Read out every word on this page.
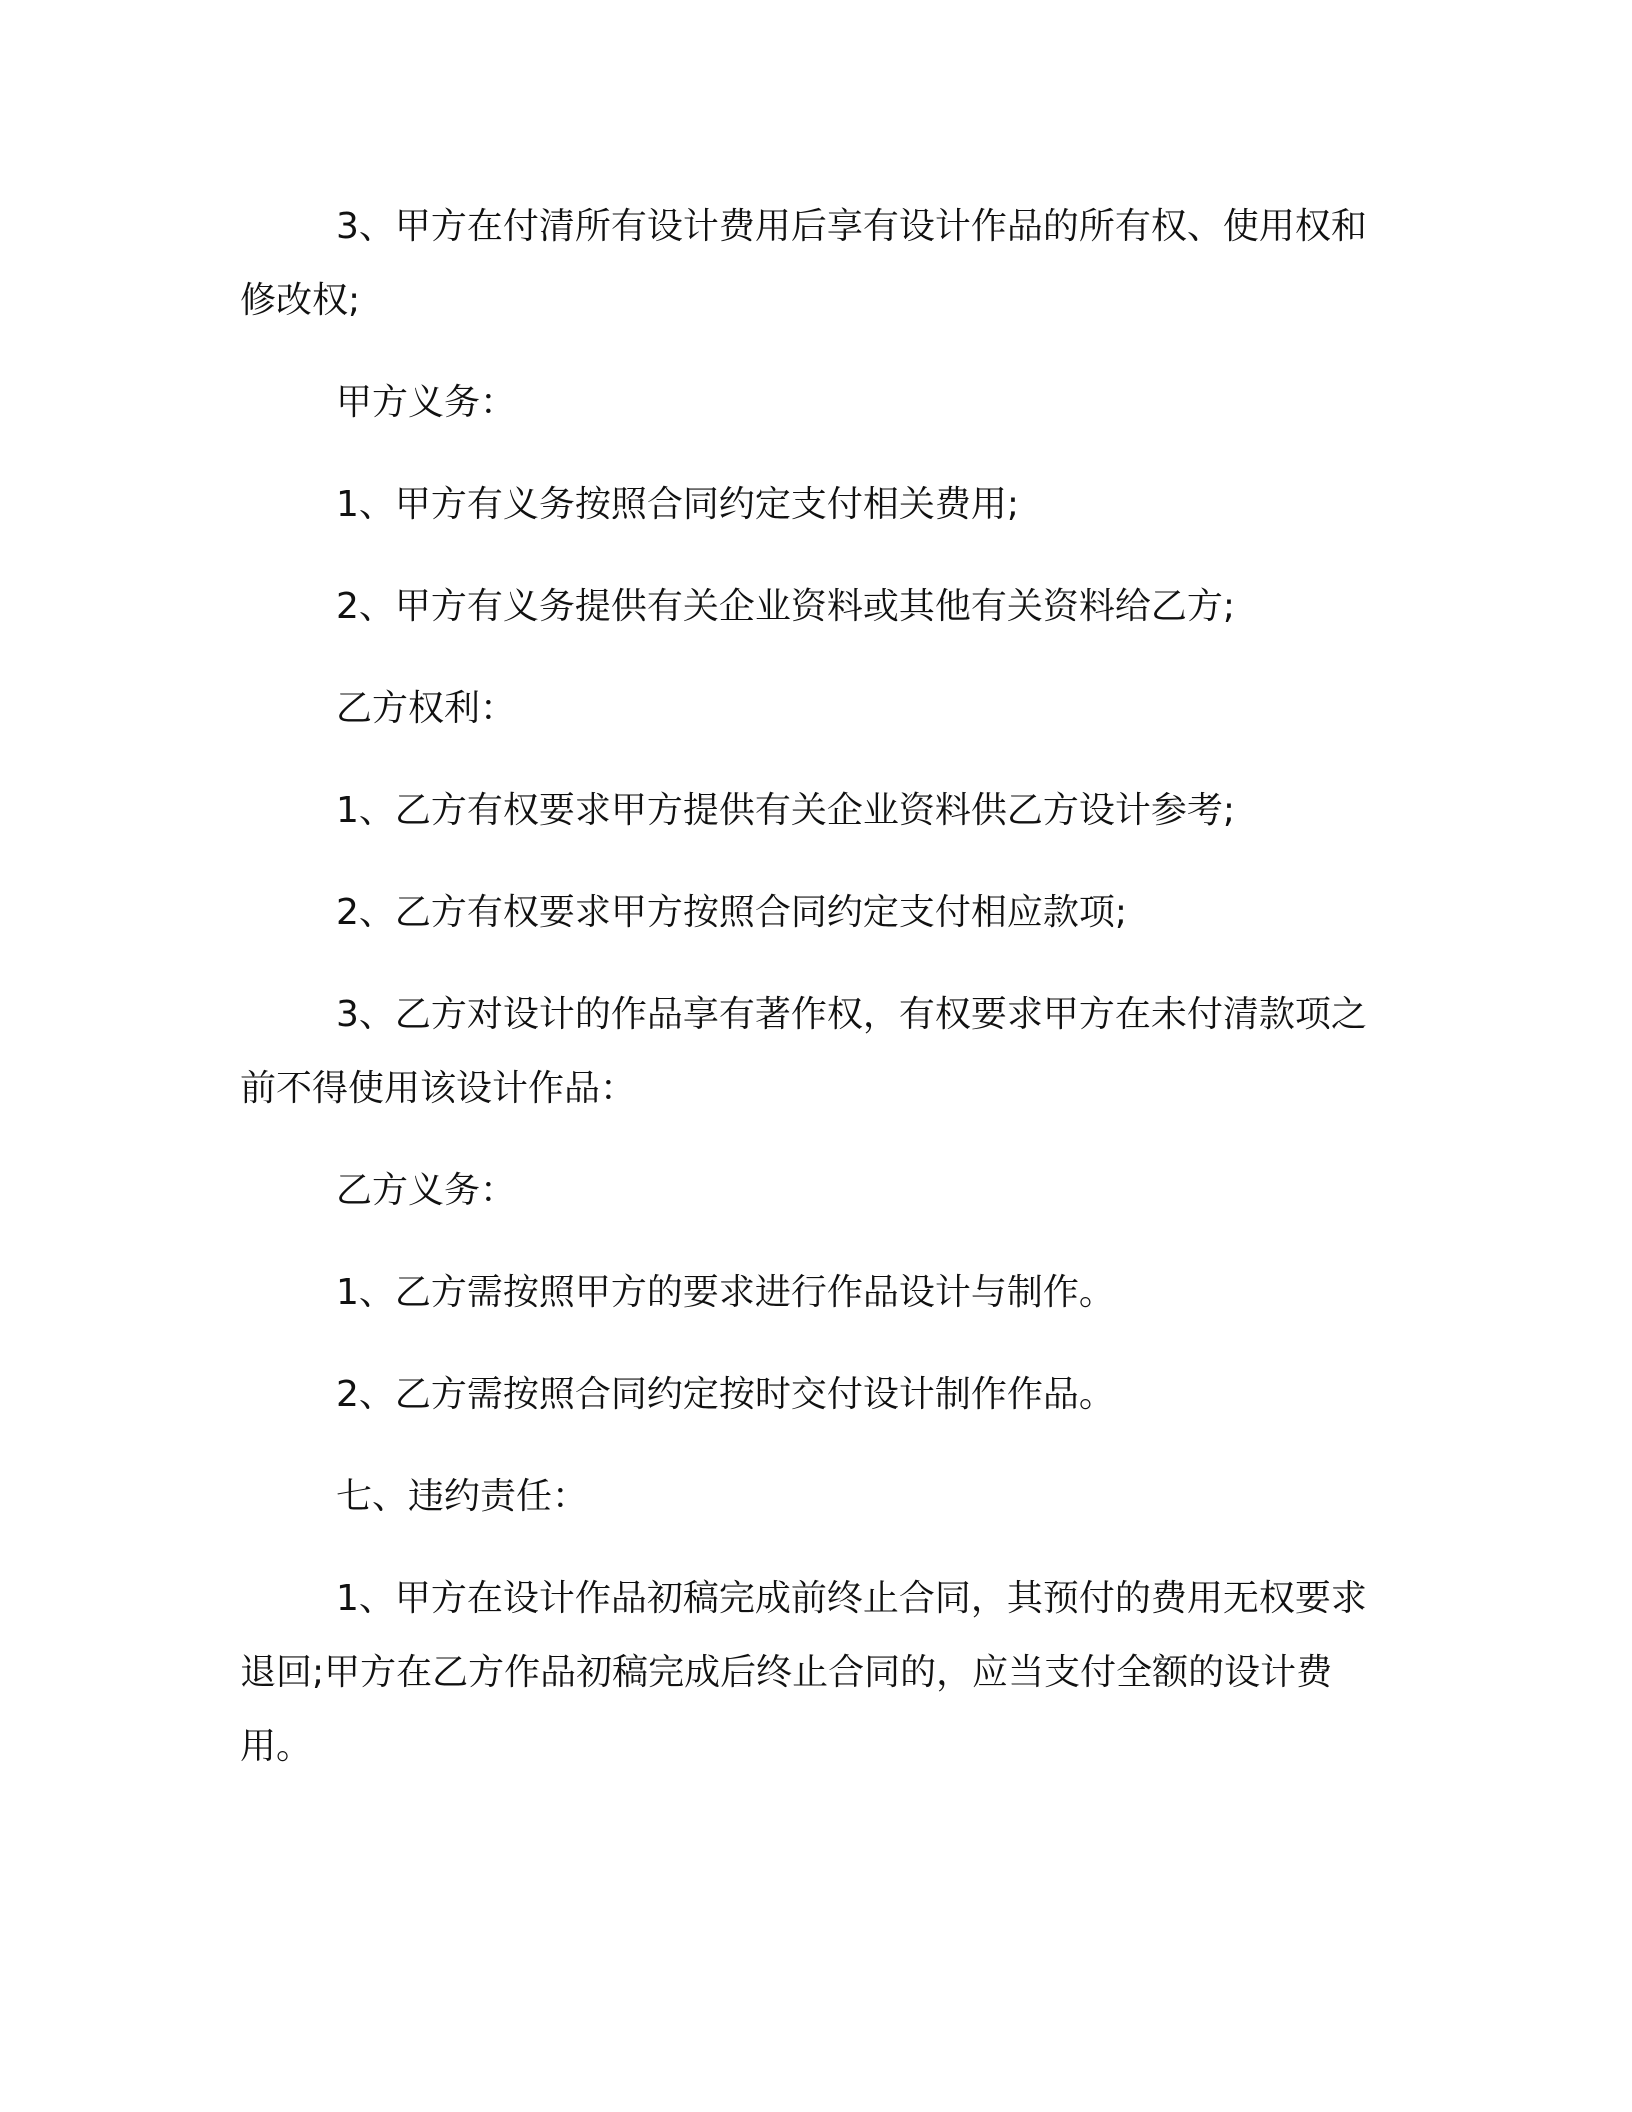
3、甲方在付清所有设计费用后享有设计作品的所有权、使用权和修改权;

甲方义务：

1、甲方有义务按照合同约定支付相关费用;

2、甲方有义务提供有关企业资料或其他有关资料给乙方;

乙方权利：

1、乙方有权要求甲方提供有关企业资料供乙方设计参考;

2、乙方有权要求甲方按照合同约定支付相应款项;

3、乙方对设计的作品享有著作权，有权要求甲方在未付清款项之前不得使用该设计作品：

乙方义务：

1、乙方需按照甲方的要求进行作品设计与制作。

2、乙方需按照合同约定按时交付设计制作作品。

七、违约责任：

1、甲方在设计作品初稿完成前终止合同，其预付的费用无权要求退回;甲方在乙方作品初稿完成后终止合同的，应当支付全额的设计费用。
